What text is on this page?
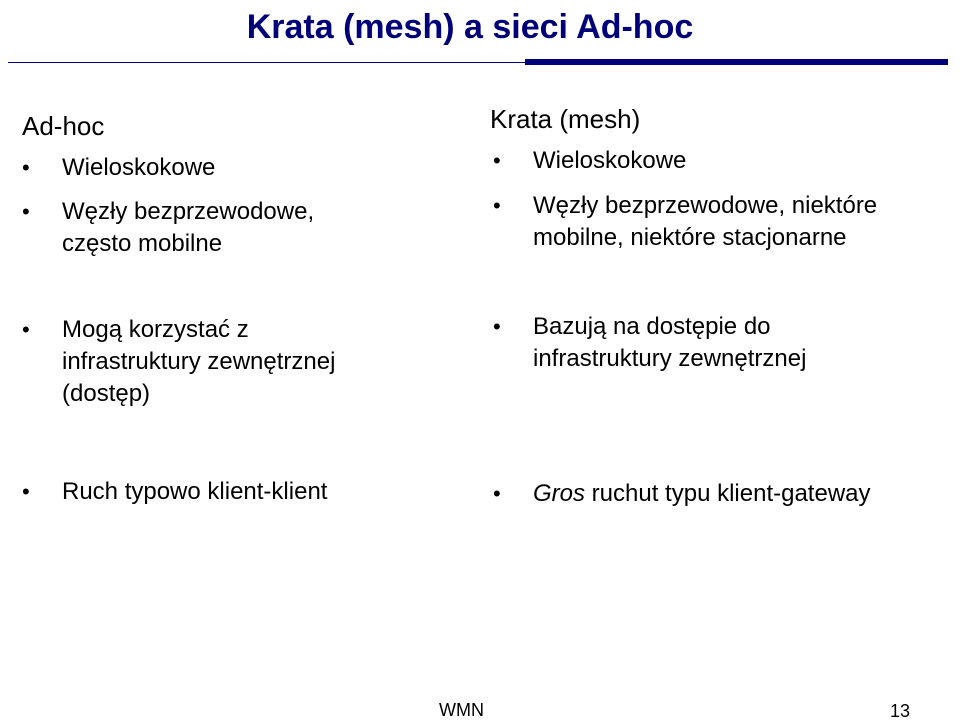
Krata (mesh) a sieci Ad-hoc
Ad-hoc
• Wieloskokowe
• Węzły bezprzewodowe,
często mobilne
• Mogą korzystać z
infrastruktury zewnętrznej
(dostęp)
• Ruch typowo klient-klient
Krata (mesh)
• Wieloskokowe
• Węzły bezprzewodowe, niektóre
mobilne, niektóre stacjonarne
• Bazują na dostępie do
infrastruktury zewnętrznej
• Gros ruchut typu klient-gateway
WMN	13
